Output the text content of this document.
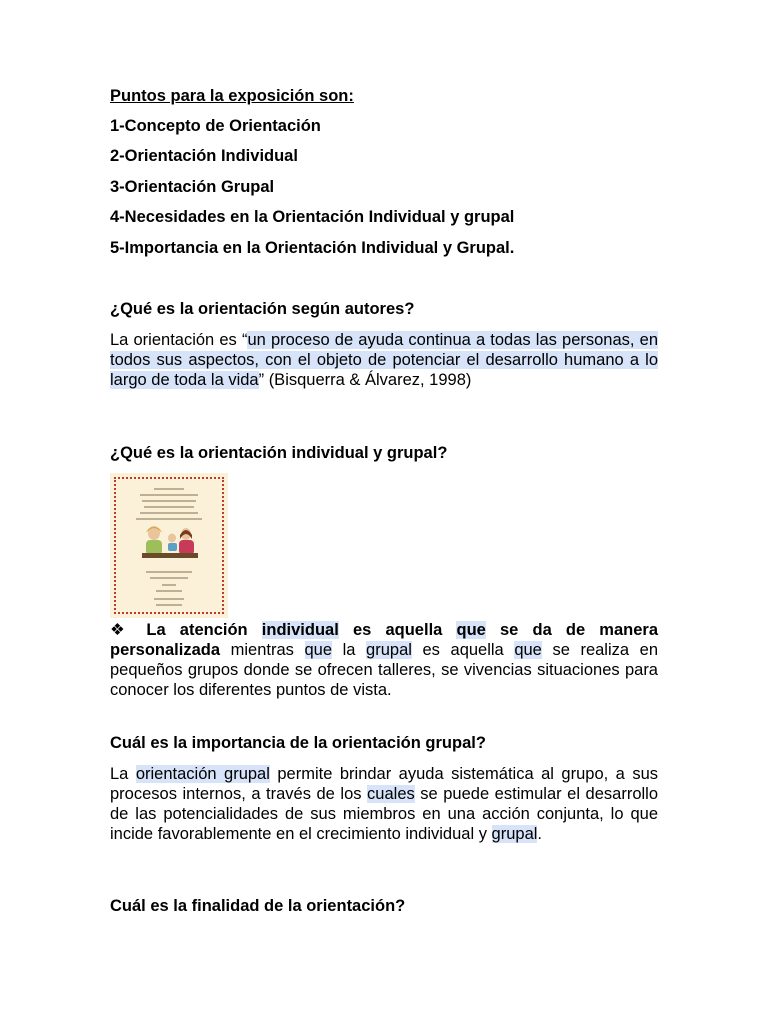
Puntos para la exposición son:
1-Concepto de Orientación
2-Orientación Individual
3-Orientación Grupal
4-Necesidades en la Orientación Individual y grupal
5-Importancia en la Orientación Individual y Grupal.
¿Qué es la orientación según autores?
La orientación es “un proceso de ayuda continua a todas las personas, en todos sus aspectos, con el objeto de potenciar el desarrollo humano a lo largo de toda la vida” (Bisquerra & Álvarez, 1998)
¿Qué es la orientación individual y grupal?
❖ La atención individual es aquella que se da de manera personalizada mientras que la grupal es aquella que se realiza en pequeños grupos donde se ofrecen talleres, se vivencias situaciones para conocer los diferentes puntos de vista.
Cuál es la importancia de la orientación grupal?
La orientación grupal permite brindar ayuda sistemática al grupo, a sus procesos internos, a través de los cuales se puede estimular el desarrollo de las potencialidades de sus miembros en una acción conjunta, lo que incide favorablemente en el crecimiento individual y grupal.
Cuál es la finalidad de la orientación?
